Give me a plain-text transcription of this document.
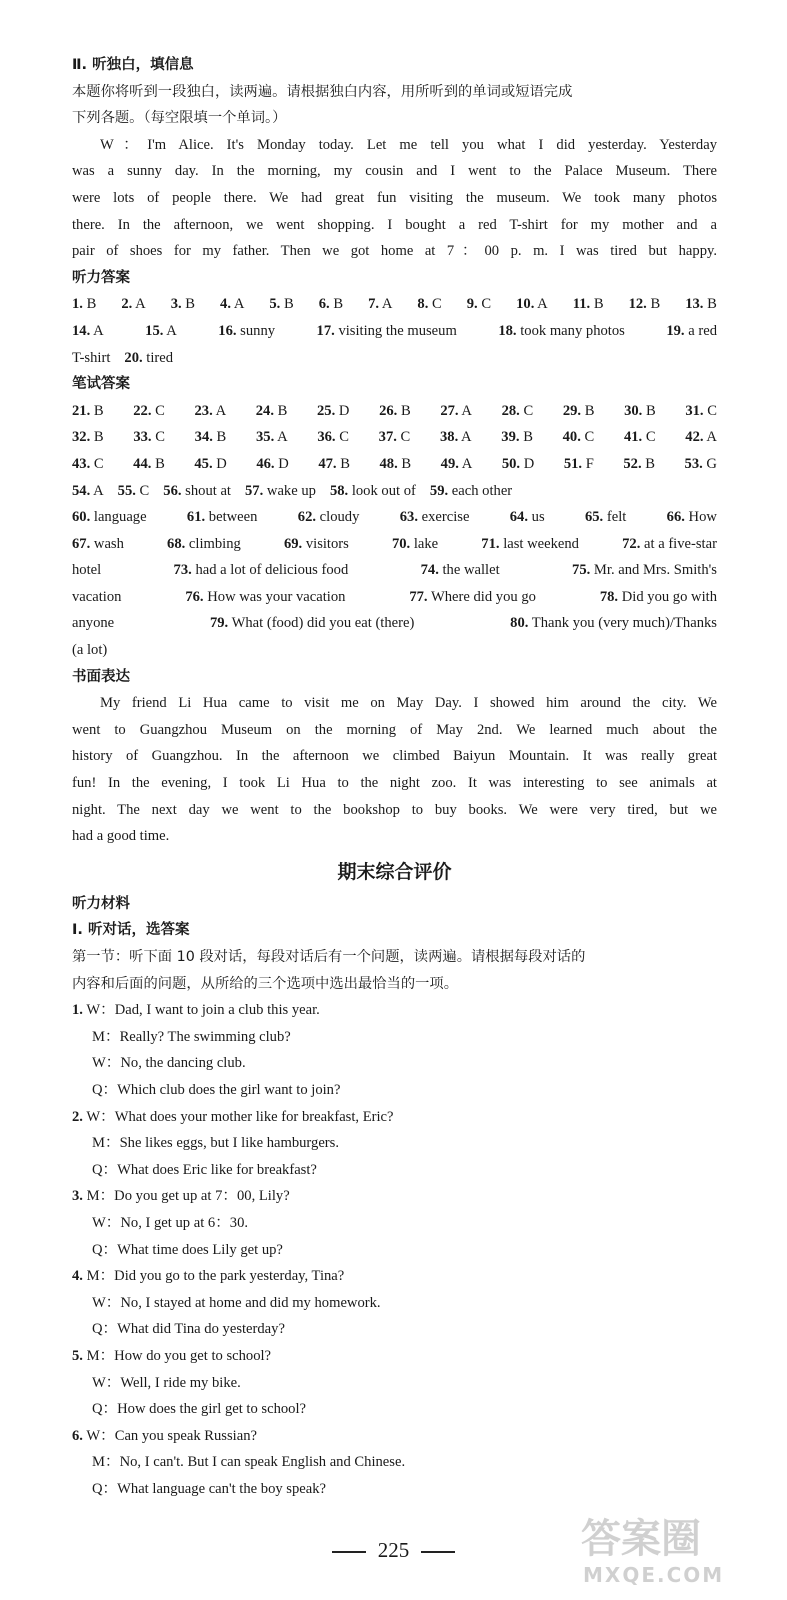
Ⅱ. 听独白，填信息
本题你将听到一段独白，读两遍。请根据独白内容，用所听到的单词或短语完成
下列各题。（每空限填一个单词。）
W：I'm Alice. It's Monday today. Let me tell you what I did yesterday. Yesterday
was a sunny day. In the morning, my cousin and I went to the Palace Museum. There
were lots of people there. We had great fun visiting the museum. We took many photos
there. In the afternoon, we went shopping. I bought a red T-shirt for my mother and a
pair of shoes for my father. Then we got home at 7：00 p. m. I was tired but happy.
听力答案
1. B 2. A 3. B 4. A 5. B 6. B 7. A 8. C 9. C 10. A 11. B 12. B 13. B
14. A	15. A	16. sunny	17. visiting the museum	18. took many photos	19. a red
T-shirt 20. tired
笔试答案
21. B 22. C 23. A 24. B 25. D 26. B 27. A 28. C 29. B 30. B 31. C
32. B 33. C 34. B 35. A 36. C 37. C 38. A 39. B 40. C 41. C 42. A
43. C 44. B 45. D 46. D 47. B 48. B 49. A 50. D 51. F 52. B 53. G
54. A 55. C 56. shout at 57. wake up 58. look out of 59. each other
60. language	61. between	62. cloudy	63. exercise	64. us	65. felt	66. How
67. wash	68. climbing	69. visitors	70. lake	71. last weekend	72. at a five-star
hotel	73. had a lot of delicious food	74. the wallet	75. Mr. and Mrs. Smith's
vacation	76. How was your vacation	77. Where did you go	78. Did you go with
anyone	79. What (food) did you eat (there)	80. Thank you (very much)/Thanks
(a lot)
书面表达
My friend Li Hua came to visit me on May Day. I showed him around the city. We
went to Guangzhou Museum on the morning of May 2nd. We learned much about the
history of Guangzhou. In the afternoon we climbed Baiyun Mountain. It was really great
fun! In the evening, I took Li Hua to the night zoo. It was interesting to see animals at
night. The next day we went to the bookshop to buy books. We were very tired, but we
had a good time.
期末综合评价
听力材料
Ⅰ. 听对话，选答案
第一节：听下面 10 段对话，每段对话后有一个问题，读两遍。请根据每段对话的
内容和后面的问题，从所给的三个选项中选出最恰当的一项。
1. W：Dad, I want to join a club this year.
M：Really? The swimming club?
W：No, the dancing club.
Q：Which club does the girl want to join?
2. W：What does your mother like for breakfast, Eric?
M：She likes eggs, but I like hamburgers.
Q：What does Eric like for breakfast?
3. M：Do you get up at 7：00, Lily?
W：No, I get up at 6：30.
Q：What time does Lily get up?
4. M：Did you go to the park yesterday, Tina?
W：No, I stayed at home and did my homework.
Q：What did Tina do yesterday?
5. M：How do you get to school?
W：Well, I ride my bike.
Q：How does the girl get to school?
6. W：Can you speak Russian?
M：No, I can't. But I can speak English and Chinese.
Q：What language can't the boy speak?
225	答案圈
MXQE.COM
